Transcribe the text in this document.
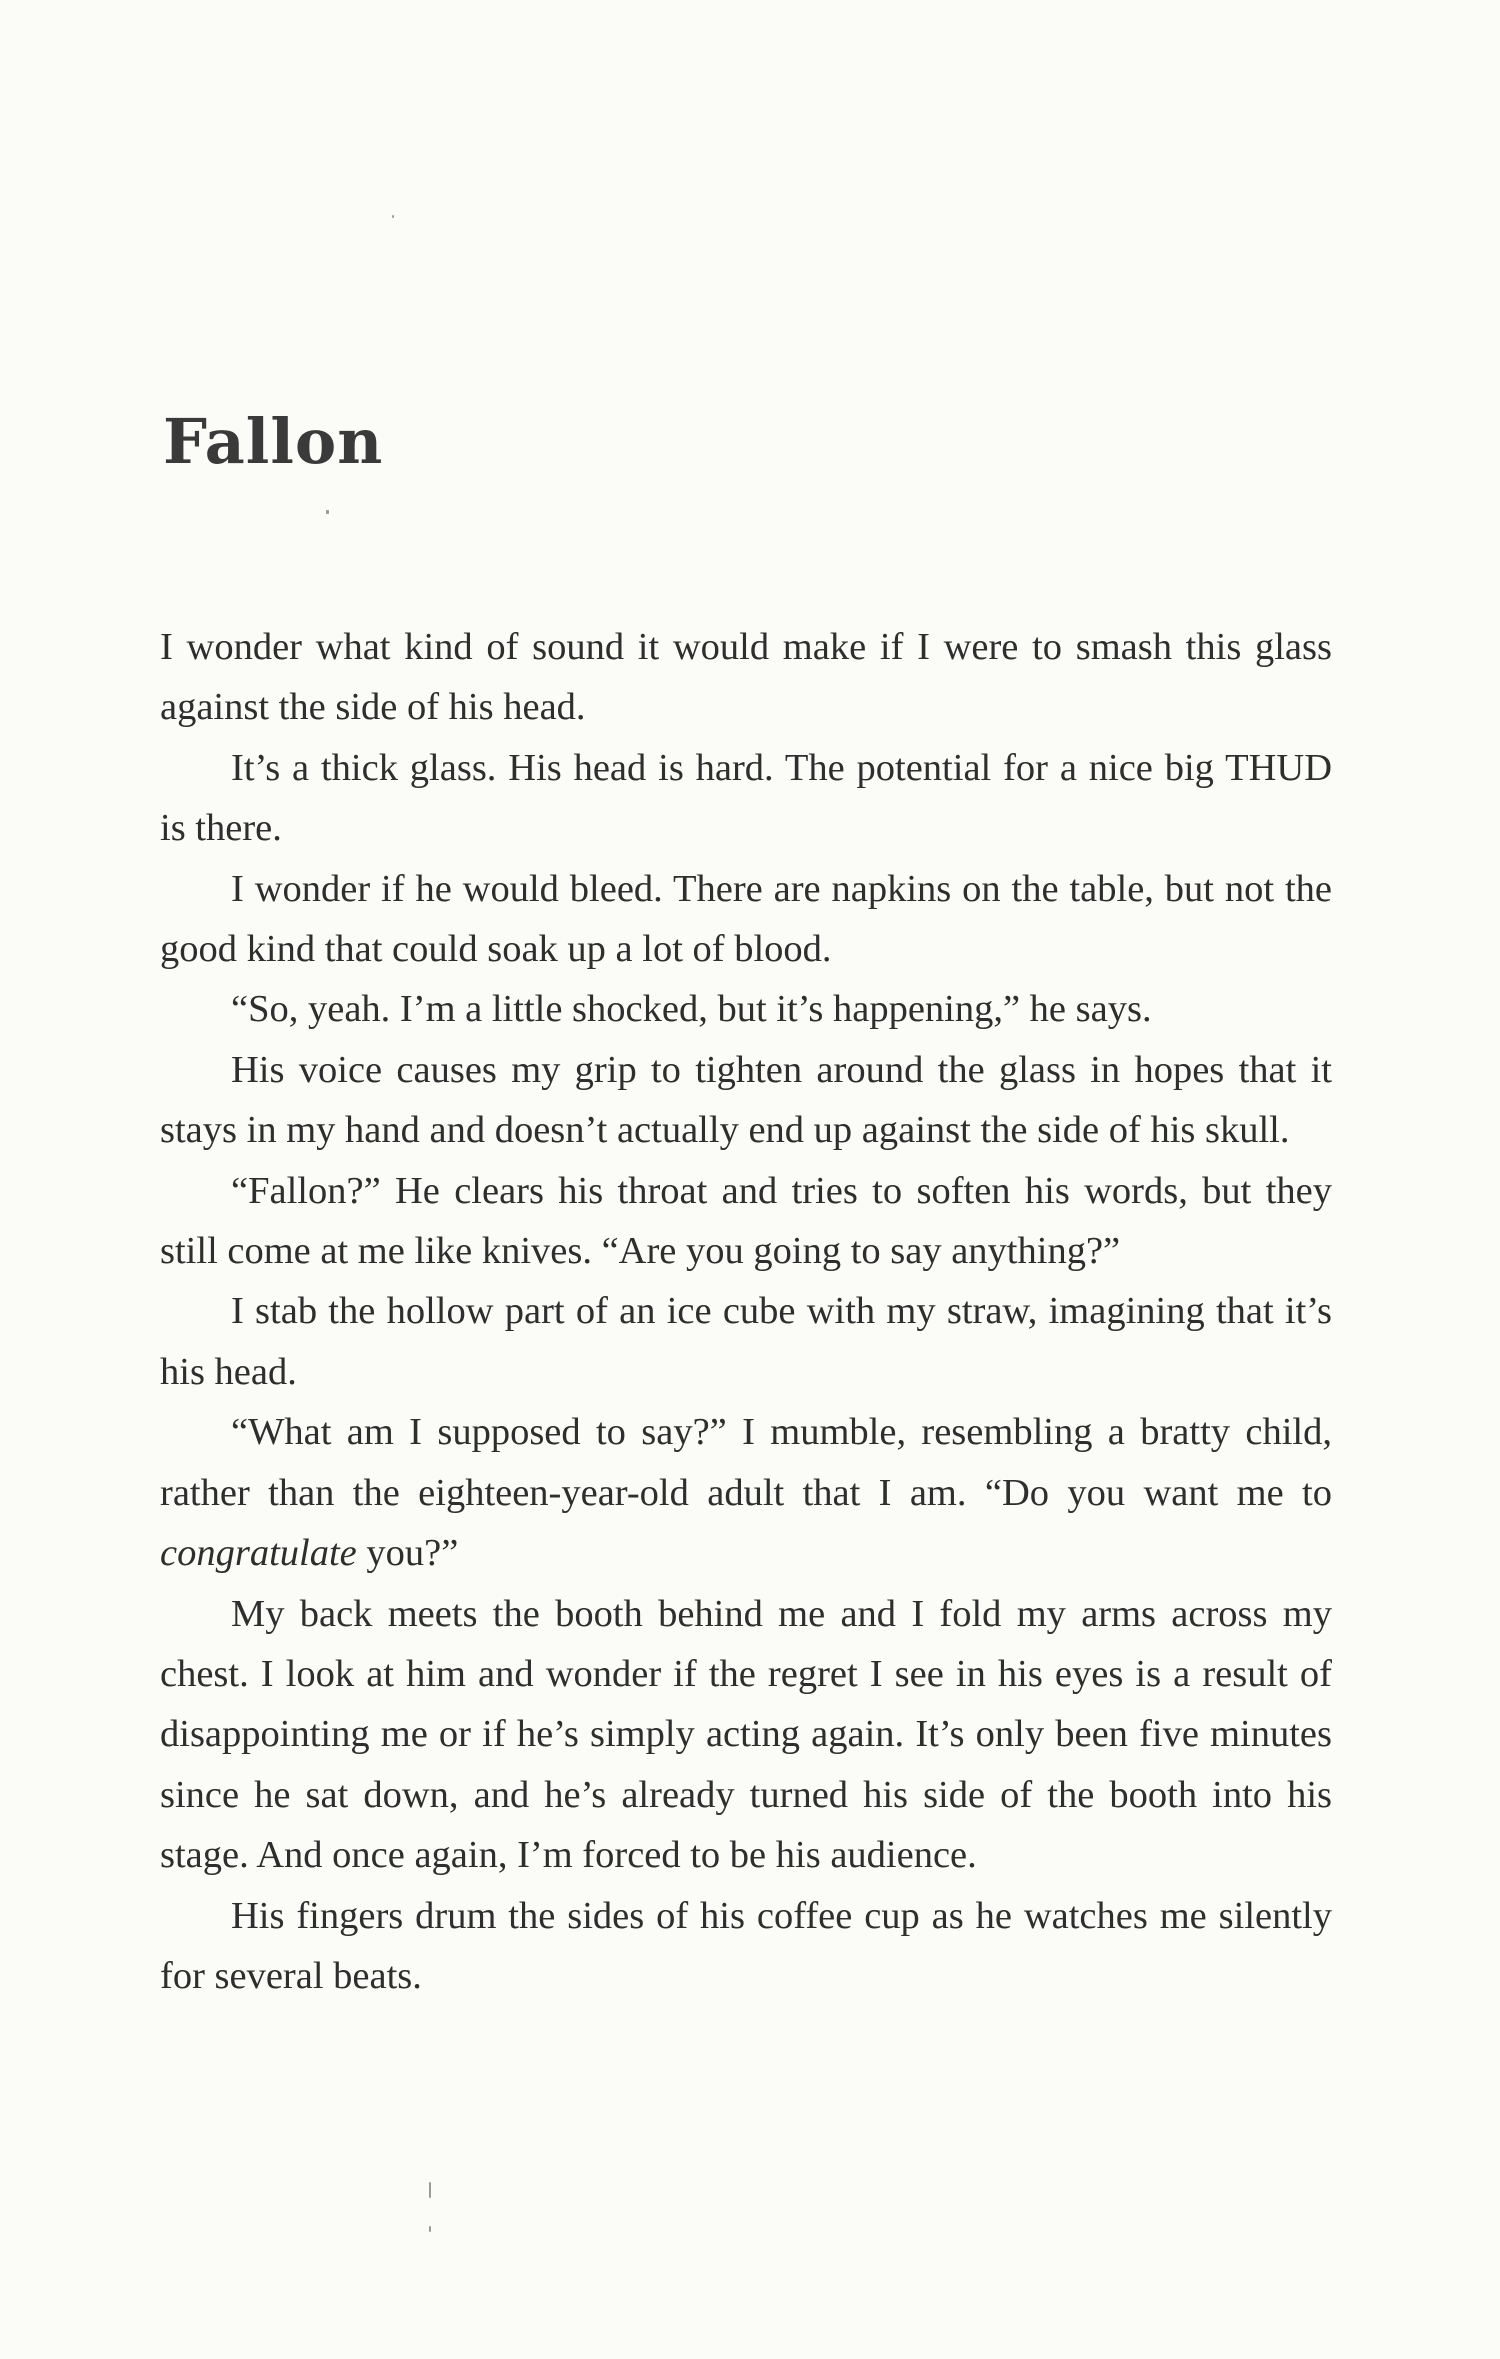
Fallon

I wonder what kind of sound it would make if I were to smash this glass against the side of his head.

It’s a thick glass. His head is hard. The potential for a nice big THUD is there.

I wonder if he would bleed. There are napkins on the table, but not the good kind that could soak up a lot of blood.

“So, yeah. I’m a little shocked, but it’s happening,” he says.

His voice causes my grip to tighten around the glass in hopes that it stays in my hand and doesn’t actually end up against the side of his skull.

“Fallon?” He clears his throat and tries to soften his words, but they still come at me like knives. “Are you going to say anything?”

I stab the hollow part of an ice cube with my straw, imagining that it’s his head.

“What am I supposed to say?” I mumble, resembling a bratty child, rather than the eighteen-year-old adult that I am. “Do you want me to congratulate you?”

My back meets the booth behind me and I fold my arms across my chest. I look at him and wonder if the regret I see in his eyes is a result of disappointing me or if he’s simply acting again. It’s only been five minutes since he sat down, and he’s already turned his side of the booth into his stage. And once again, I’m forced to be his audience.

His fingers drum the sides of his coffee cup as he watches me silently for several beats.
